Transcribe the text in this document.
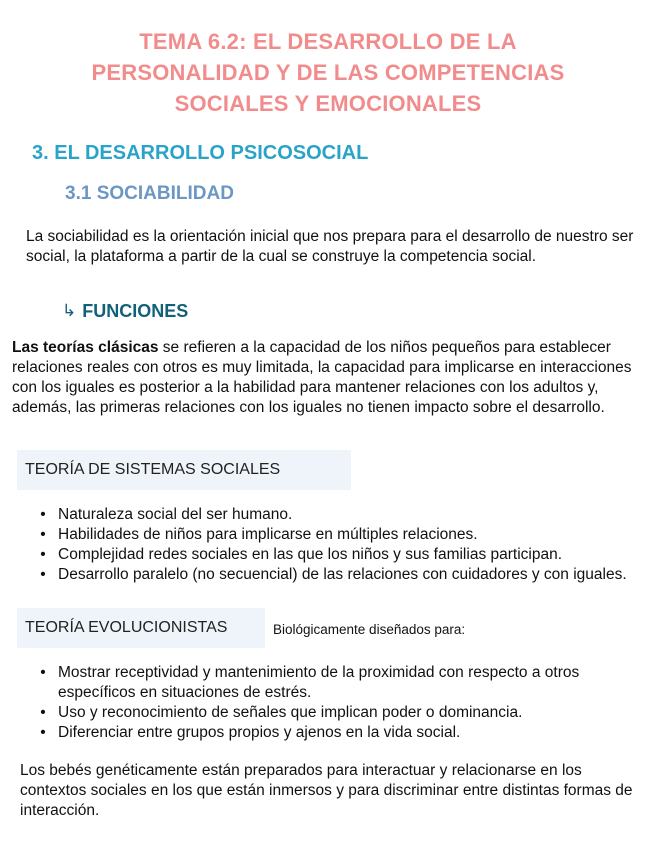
TEMA 6.2: EL DESARROLLO DE LA
PERSONALIDAD Y DE LAS COMPETENCIAS
SOCIALES Y EMOCIONALES
3. EL DESARROLLO PSICOSOCIAL
3.1 SOCIABILIDAD
La sociabilidad es la orientación inicial que nos prepara para el desarrollo de nuestro ser social, la plataforma a partir de la cual se construye la competencia social.
↳ FUNCIONES
Las teorías clásicas se refieren a la capacidad de los niños pequeños para establecer relaciones reales con otros es muy limitada, la capacidad para implicarse en interacciones con los iguales es posterior a la habilidad para mantener relaciones con los adultos y, además, las primeras relaciones con los iguales no tienen impacto sobre el desarrollo.
TEORÍA DE SISTEMAS SOCIALES
• Naturaleza social del ser humano.
• Habilidades de niños para implicarse en múltiples relaciones.
• Complejidad redes sociales en las que los niños y sus familias participan.
• Desarrollo paralelo (no secuencial) de las relaciones con cuidadores y con iguales.
TEORÍA EVOLUCIONISTAS	Biológicamente diseñados para:
• Mostrar receptividad y mantenimiento de la proximidad con respecto a otros específicos en situaciones de estrés.
• Uso y reconocimiento de señales que implican poder o dominancia.
• Diferenciar entre grupos propios y ajenos en la vida social.
Los bebés genéticamente están preparados para interactuar y relacionarse en los contextos sociales en los que están inmersos y para discriminar entre distintas formas de interacción.
